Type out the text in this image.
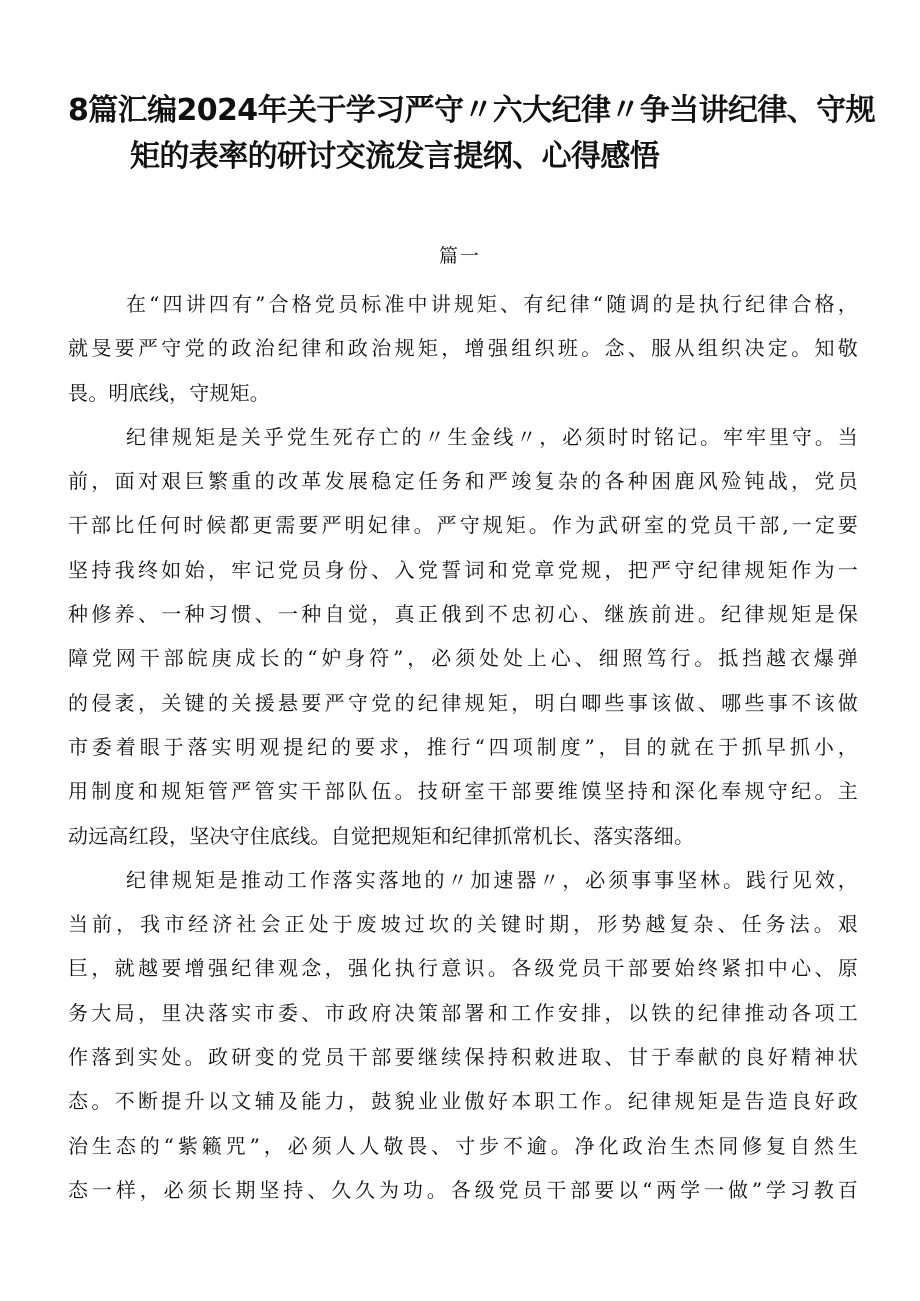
8篇汇编2024年关于学习严守〃六大纪律〃争当讲纪律、守规
矩的表率的研讨交流发言提纲、心得感悟
篇一

在“四讲四有”合格党员标准中讲规矩、有纪律“随调的是执行纪律合格，
就旻要严守党的政治纪律和政治规矩，增强组织班。念、服从组织决定。知敬
畏。明底线，守规矩。

纪律规矩是关乎党生死存亡的〃生金线〃，必须时时铭记。牢牢里守。当
前，面对艰巨繁重的改革发展稳定任务和严竣复杂的各种困鹿风殓钝战，党员
干部比任何时候都更需要严明妃律。严守规矩。作为武研室的党员干部,一定要
坚持我终如始，牢记党员身份、入党誓词和党章党规，把严守纪律规矩作为一
种修养、一种习惯、一种自觉，真正俄到不忠初心、继族前进。纪律规矩是保
障党网干部皖庚成长的“妒身符”，必须处处上心、细照笃行。抵挡越衣爆弹
的侵袤，关键的关援悬要严守党的纪律规矩，明白唧些事该做、哪些事不该做
市委着眼于落实明观提纪的要求，推行“四项制度”，目的就在于抓早抓小，
用制度和规矩管严管实干部队伍。技研室干部要维馍坚持和深化奉规守纪。主
动远高红段，坚决守住底线。自觉把规矩和纪律抓常机长、落实落细。

纪律规矩是推动工作落实落地的〃加速器〃，必须事事坚林。践行见效，
当前，我市经济社会正处于废坡过坎的关键时期，形势越复杂、任务法。艰
巨，就越要增强纪律观念，强化执行意识。各级党员干部要始终紧扣中心、原
务大局，里决落实市委、市政府决策部署和工作安排，以铁的纪律推动各项工
作落到实处。政研变的党员干部要继续保持积敕进取、甘于奉献的良好精神状
态。不断提升以文辅及能力，鼓貌业业傲好本职工作。纪律规矩是告造良好政
治生态的“紫籁咒”，必须人人敬畏、寸步不逾。净化政治生杰同修复自然生
态一样，必须长期坚持、久久为功。各级党员干部要以“两学一做”学习教百
